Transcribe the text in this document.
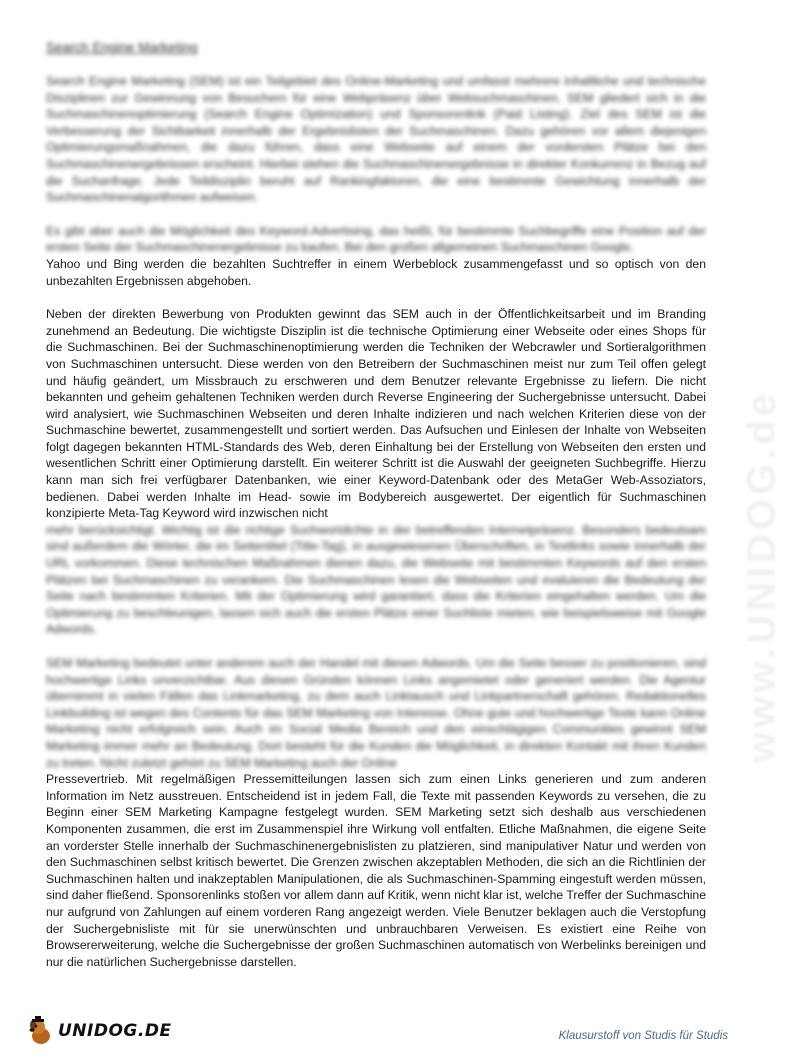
www.UNIDOG.de
Search Engine Marketing

Search Engine Marketing (SEM) ist ein Teilgebiet des Online-Marketing und umfasst mehrere inhaltliche und technische Disziplinen zur Gewinnung von Besuchern für eine Webpräsenz über Websuchmaschinen. SEM gliedert sich in die Suchmaschinenoptimierung (Search Engine Optimization) und Sponsorenlink (Paid Listing). Ziel des SEM ist die Verbesserung der Sichtbarkeit innerhalb der Ergebnislisten der Suchmaschinen. Dazu gehören vor allem diejenigen Optimierungsmaßnahmen, die dazu führen, dass eine Webseite auf einem der vordersten Plätze bei den Suchmaschinenergebnissen erscheint. Hierbei stehen die Suchmaschinenergebnisse in direkter Konkurrenz in Bezug auf die Suchanfrage. Jede Teildisziplin beruht auf Rankingfaktoren, die eine bestimmte Gewichtung innerhalb der Suchmaschinenalgorithmen aufweisen.

Es gibt aber auch die Möglichkeit des Keyword-Advertising, das heißt, für bestimmte Suchbegriffe eine Position auf der ersten Seite der Suchmaschinenergebnisse zu kaufen. Bei den großen allgemeinen Suchmaschinen Google,

Yahoo und Bing werden die bezahlten Suchtreffer in einem Werbeblock zusammengefasst und so optisch von den unbezahlten Ergebnissen abgehoben.

Neben der direkten Bewerbung von Produkten gewinnt das SEM auch in der Öffentlichkeitsarbeit und im Branding zunehmend an Bedeutung. Die wichtigste Disziplin ist die technische Optimierung einer Webseite oder eines Shops für die Suchmaschinen. Bei der Suchmaschinenoptimierung werden die Techniken der Webcrawler und Sortieralgorithmen von Suchmaschinen untersucht. Diese werden von den Betreibern der Suchmaschinen meist nur zum Teil offen gelegt und häufig geändert, um Missbrauch zu erschweren und dem Benutzer relevante Ergebnisse zu liefern. Die nicht bekannten und geheim gehaltenen Techniken werden durch Reverse Engineering der Suchergebnisse untersucht. Dabei wird analysiert, wie Suchmaschinen Webseiten und deren Inhalte indizieren und nach welchen Kriterien diese von der Suchmaschine bewertet, zusammengestellt und sortiert werden. Das Aufsuchen und Einlesen der Inhalte von Webseiten folgt dagegen bekannten HTML-Standards des Web, deren Einhaltung bei der Erstellung von Webseiten den ersten und wesentlichen Schritt einer Optimierung darstellt. Ein weiterer Schritt ist die Auswahl der geeigneten Suchbegriffe. Hierzu kann man sich frei verfügbarer Datenbanken, wie einer Keyword-Datenbank oder des MetaGer Web-Assoziators, bedienen. Dabei werden Inhalte im Head- sowie im Bodybereich ausgewertet. Der eigentlich für Suchmaschinen konzipierte Meta-Tag Keyword wird inzwischen nicht

mehr berücksichtigt. Wichtig ist die richtige Suchwortdichte in der betreffenden Internetpräsenz. Besonders bedeutsam sind außerdem die Wörter, die im Seitentitel (Title-Tag), in ausgewiesenen Überschriften, in Textlinks sowie innerhalb der URL vorkommen. Diese technischen Maßnahmen dienen dazu, die Webseite mit bestimmten Keywords auf den ersten Plätzen bei Suchmaschinen zu verankern. Die Suchmaschinen lesen die Webseiten und evaluieren die Bedeutung der Seite nach bestimmten Kriterien. Mit der Optimierung wird garantiert, dass die Kriterien eingehalten werden. Um die Optimierung zu beschleunigen, lassen sich auch die ersten Plätze einer Suchliste mieten, wie beispielsweise mit Google Adwords.

SEM Marketing bedeutet unter anderem auch der Handel mit diesen Adwords. Um die Seite besser zu positionieren, sind hochwertige Links unverzichtbar. Aus diesen Gründen können Links angemietet oder generiert werden. Die Agentur übernimmt in vielen Fällen das Linkmarketing, zu dem auch Linktausch und Linkpartnerschaft gehören. Redaktionelles Linkbuilding ist wegen des Contents für das SEM Marketing von Interesse. Ohne gute und hochwertige Texte kann Online Marketing nicht erfolgreich sein. Auch im Social Media Bereich und den einschlägigen Communities gewinnt SEM Marketing immer mehr an Bedeutung. Dort besteht für die Kunden die Möglichkeit, in direkten Kontakt mit ihren Kunden zu treten. Nicht zuletzt gehört zu SEM Marketing auch der Online

Pressevertrieb. Mit regelmäßigen Pressemitteilungen lassen sich zum einen Links generieren und zum anderen Information im Netz ausstreuen. Entscheidend ist in jedem Fall, die Texte mit passenden Keywords zu versehen, die zu Beginn einer SEM Marketing Kampagne festgelegt wurden. SEM Marketing setzt sich deshalb aus verschiedenen Komponenten zusammen, die erst im Zusammenspiel ihre Wirkung voll entfalten. Etliche Maßnahmen, die eigene Seite an vorderster Stelle innerhalb der Suchmaschinenergebnislisten zu platzieren, sind manipulativer Natur und werden von den Suchmaschinen selbst kritisch bewertet. Die Grenzen zwischen akzeptablen Methoden, die sich an die Richtlinien der Suchmaschinen halten und inakzeptablen Manipulationen, die als Suchmaschinen-Spamming eingestuft werden müssen, sind daher fließend. Sponsorenlinks stoßen vor allem dann auf Kritik, wenn nicht klar ist, welche Treffer der Suchmaschine nur aufgrund von Zahlungen auf einem vorderen Rang angezeigt werden. Viele Benutzer beklagen auch die Verstopfung der Suchergebnisliste mit für sie unerwünschten und unbrauchbaren Verweisen. Es existiert eine Reihe von Browsererweiterung, welche die Suchergebnisse der großen Suchmaschinen automatisch von Werbelinks bereinigen und nur die natürlichen Suchergebnisse darstellen.

UNIDOG.DE	Klausurstoff von Studis für Studis
